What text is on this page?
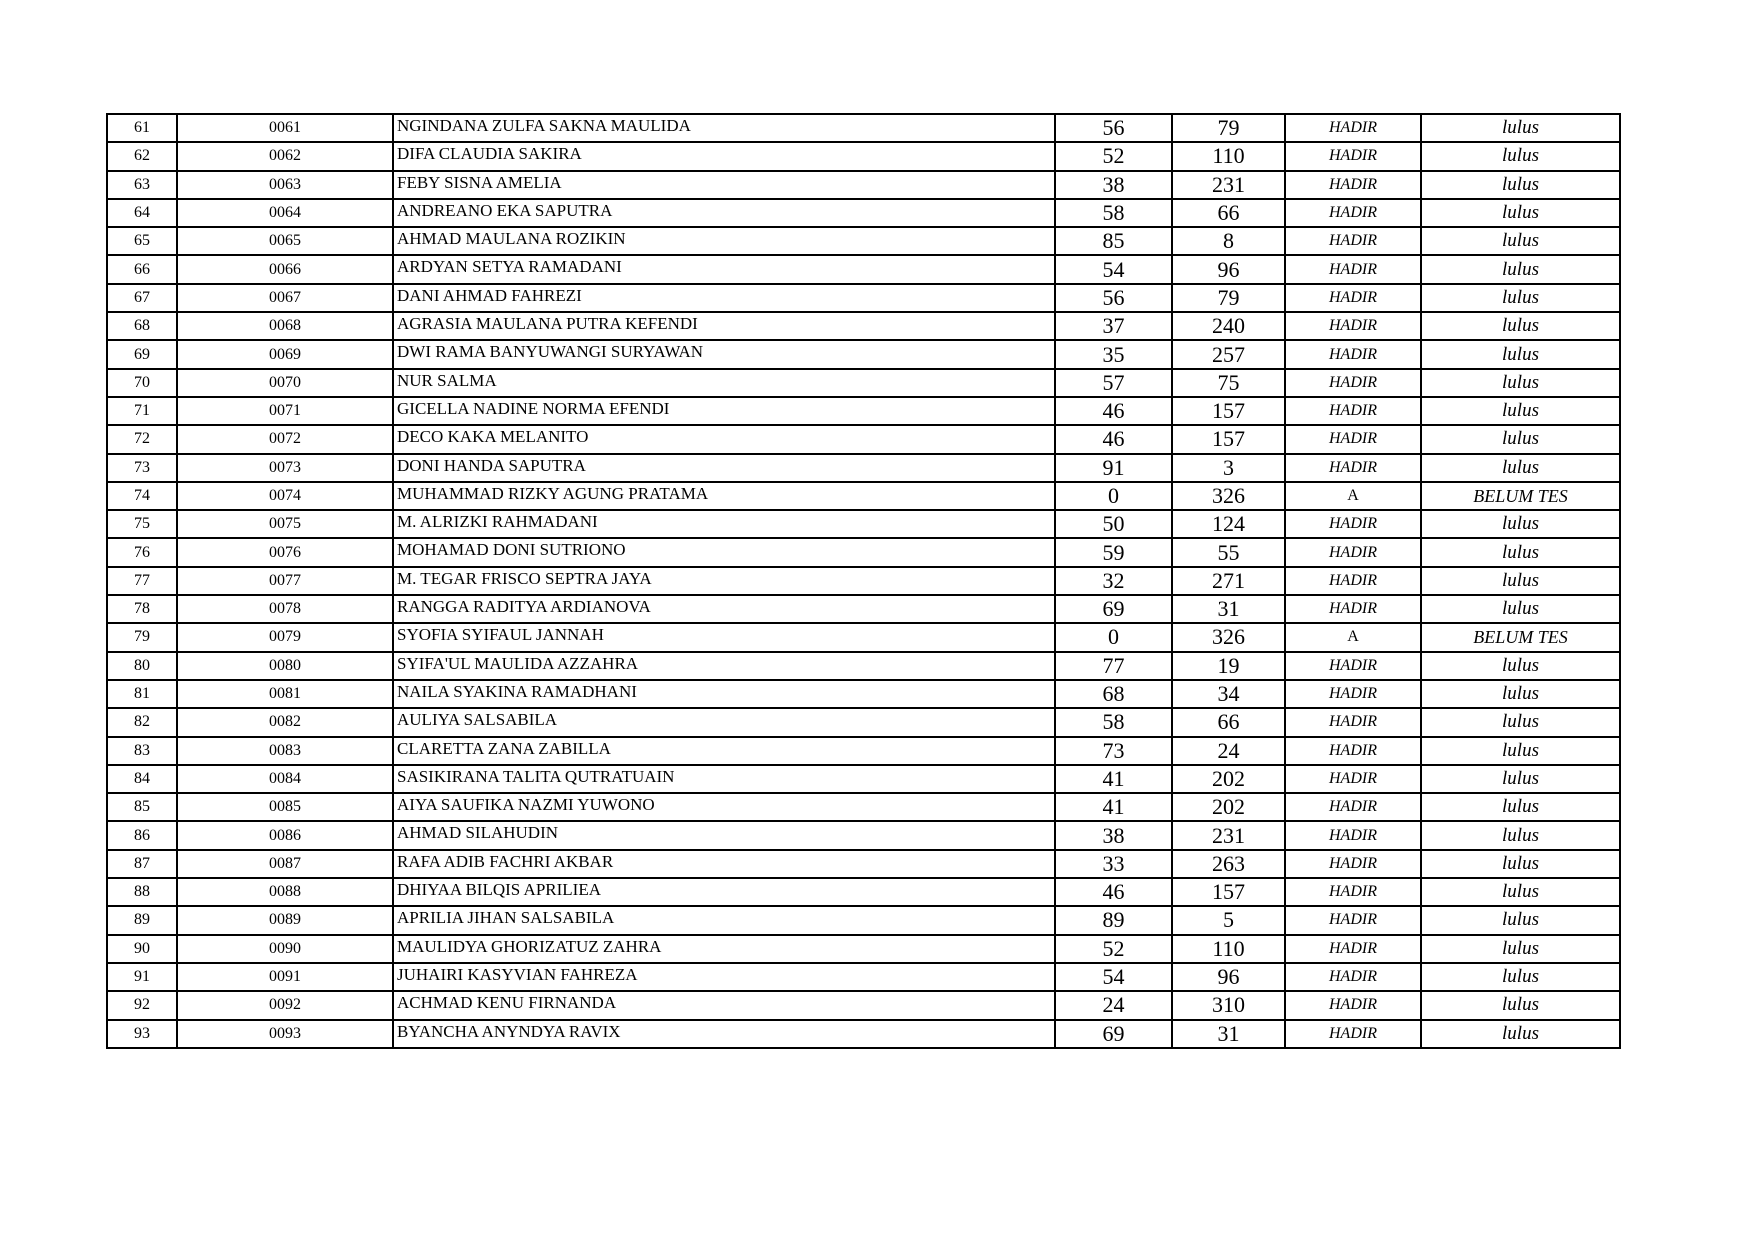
61	0061	NGINDANA ZULFA SAKNA MAULIDA	56	79	HADIR	lulus
62	0062	DIFA CLAUDIA SAKIRA	52	110	HADIR	lulus
63	0063	FEBY SISNA AMELIA	38	231	HADIR	lulus
64	0064	ANDREANO EKA SAPUTRA	58	66	HADIR	lulus
65	0065	AHMAD MAULANA ROZIKIN	85	8	HADIR	lulus
66	0066	ARDYAN SETYA RAMADANI	54	96	HADIR	lulus
67	0067	DANI AHMAD FAHREZI	56	79	HADIR	lulus
68	0068	AGRASIA MAULANA PUTRA KEFENDI	37	240	HADIR	lulus
69	0069	DWI RAMA BANYUWANGI SURYAWAN	35	257	HADIR	lulus
70	0070	NUR SALMA	57	75	HADIR	lulus
71	0071	GICELLA NADINE NORMA EFENDI	46	157	HADIR	lulus
72	0072	DECO KAKA MELANITO	46	157	HADIR	lulus
73	0073	DONI HANDA SAPUTRA	91	3	HADIR	lulus
74	0074	MUHAMMAD RIZKY AGUNG PRATAMA	0	326	A	BELUM TES
75	0075	M. ALRIZKI RAHMADANI	50	124	HADIR	lulus
76	0076	MOHAMAD DONI SUTRIONO	59	55	HADIR	lulus
77	0077	M. TEGAR FRISCO SEPTRA JAYA	32	271	HADIR	lulus
78	0078	RANGGA RADITYA ARDIANOVA	69	31	HADIR	lulus
79	0079	SYOFIA SYIFAUL JANNAH	0	326	A	BELUM TES
80	0080	SYIFA'UL MAULIDA AZZAHRA	77	19	HADIR	lulus
81	0081	NAILA SYAKINA RAMADHANI	68	34	HADIR	lulus
82	0082	AULIYA SALSABILA	58	66	HADIR	lulus
83	0083	CLARETTA ZANA ZABILLA	73	24	HADIR	lulus
84	0084	SASIKIRANA TALITA QUTRATUAIN	41	202	HADIR	lulus
85	0085	AIYA SAUFIKA NAZMI YUWONO	41	202	HADIR	lulus
86	0086	AHMAD SILAHUDIN	38	231	HADIR	lulus
87	0087	RAFA ADIB FACHRI AKBAR	33	263	HADIR	lulus
88	0088	DHIYAA BILQIS APRILIEA	46	157	HADIR	lulus
89	0089	APRILIA JIHAN SALSABILA	89	5	HADIR	lulus
90	0090	MAULIDYA GHORIZATUZ ZAHRA	52	110	HADIR	lulus
91	0091	JUHAIRI KASYVIAN FAHREZA	54	96	HADIR	lulus
92	0092	ACHMAD KENU FIRNANDA	24	310	HADIR	lulus
93	0093	BYANCHA ANYNDYA RAVIX	69	31	HADIR	lulus
